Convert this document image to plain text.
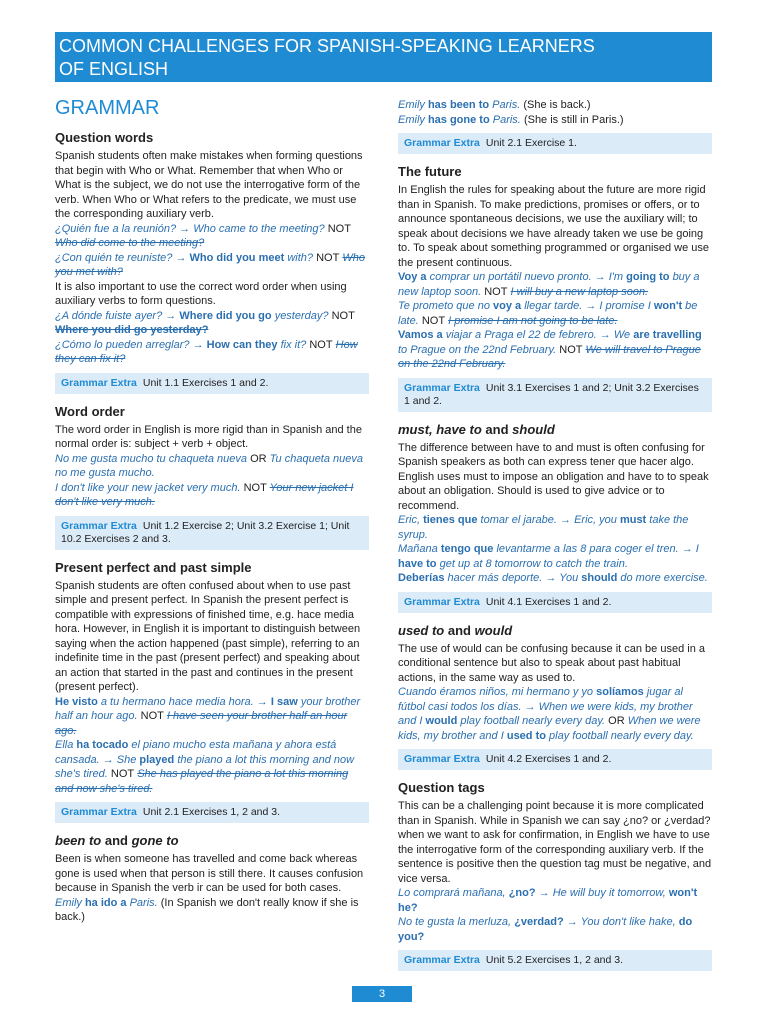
COMMON CHALLENGES FOR SPANISH-SPEAKING LEARNERS
OF ENGLISH
GRAMMAR
Question words

Spanish students often make mistakes when forming questions that begin with Who or What. Remember that when Who or What is the subject, we do not use the interrogative form of the verb. When Who or What refers to the predicate, we must use the corresponding auxiliary verb.

¿Quién fue a la reunión? → Who came to the meeting? NOT Who did come to the meeting?

¿Con quién te reuniste? → Who did you meet with? NOT Who you met with?

It is also important to use the correct word order when using auxiliary verbs to form questions.

¿A dónde fuiste ayer? → Where did you go yesterday? NOT Where you did go yesterday?

¿Cómo lo pueden arreglar? → How can they fix it? NOT How they can fix it?

Grammar Extra Unit 1.1 Exercises 1 and 2.
Word order

The word order in English is more rigid than in Spanish and the normal order is: subject + verb + object.

No me gusta mucho tu chaqueta nueva OR Tu chaqueta nueva no me gusta mucho.

I don't like your new jacket very much. NOT Your new jacket I don't like very much.

Grammar Extra Unit 1.2 Exercise 2; Unit 3.2 Exercise 1; Unit 10.2 Exercises 2 and 3.
Present perfect and past simple

Spanish students are often confused about when to use past simple and present perfect. In Spanish the present perfect is compatible with expressions of finished time, e.g. hace media hora. However, in English it is important to distinguish between saying when the action happened (past simple), referring to an indefinite time in the past (present perfect) and speaking about an action that started in the past and continues in the present (present perfect).

He visto a tu hermano hace media hora. → I saw your brother half an hour ago. NOT I have seen your brother half an hour ago.

Ella ha tocado el piano mucho esta mañana y ahora está cansada. → She played the piano a lot this morning and now she's tired. NOT She has played the piano a lot this morning and now she's tired.

Grammar Extra Unit 2.1 Exercises 1, 2 and 3.
been to and gone to

Been is when someone has travelled and come back whereas gone is used when that person is still there. It causes confusion because in Spanish the verb ir can be used for both cases.

Emily ha ido a Paris. (In Spanish we don't really know if she is back.)

Emily has been to Paris. (She is back.)

Emily has gone to Paris. (She is still in Paris.)

Grammar Extra Unit 2.1 Exercise 1.
The future

In English the rules for speaking about the future are more rigid than in Spanish. To make predictions, promises or offers, or to announce spontaneous decisions, we use the auxiliary will; to speak about decisions we have already taken we use be going to. To speak about something programmed or organised we use the present continuous.

Voy a comprar un portátil nuevo pronto. → I'm going to buy a new laptop soon. NOT I will buy a new laptop soon.

Te prometo que no voy a llegar tarde. → I promise I won't be late. NOT I promise I am not going to be late.

Vamos a viajar a Praga el 22 de febrero. → We are travelling to Prague on the 22nd February. NOT We will travel to Prague on the 22nd February.

Grammar Extra Unit 3.1 Exercises 1 and 2; Unit 3.2 Exercises 1 and 2.
must, have to and should

The difference between have to and must is often confusing for Spanish speakers as both can express tener que hacer algo. English uses must to impose an obligation and have to to speak about an obligation. Should is used to give advice or to recommend.

Eric, tienes que tomar el jarabe. → Eric, you must take the syrup.

Mañana tengo que levantarme a las 8 para coger el tren. → I have to get up at 8 tomorrow to catch the train.

Deberías hacer más deporte. → You should do more exercise.

Grammar Extra Unit 4.1 Exercises 1 and 2.
used to and would

The use of would can be confusing because it can be used in a conditional sentence but also to speak about past habitual actions, in the same way as used to.

Cuando éramos niños, mi hermano y yo solíamos jugar al fútbol casi todos los días. → When we were kids, my brother and I would play football nearly every day. OR When we were kids, my brother and I used to play football nearly every day.

Grammar Extra Unit 4.2 Exercises 1 and 2.
Question tags

This can be a challenging point because it is more complicated than in Spanish. While in Spanish we can say ¿no? or ¿verdad? when we want to ask for confirmation, in English we have to use the interrogative form of the corresponding auxiliary verb. If the sentence is positive then the question tag must be negative, and vice versa.

Lo comprará mañana, ¿no? → He will buy it tomorrow, won't he?

No te gusta la merluza, ¿verdad? → You don't like hake, do you?

Grammar Extra Unit 5.2 Exercises 1, 2 and 3.
3
